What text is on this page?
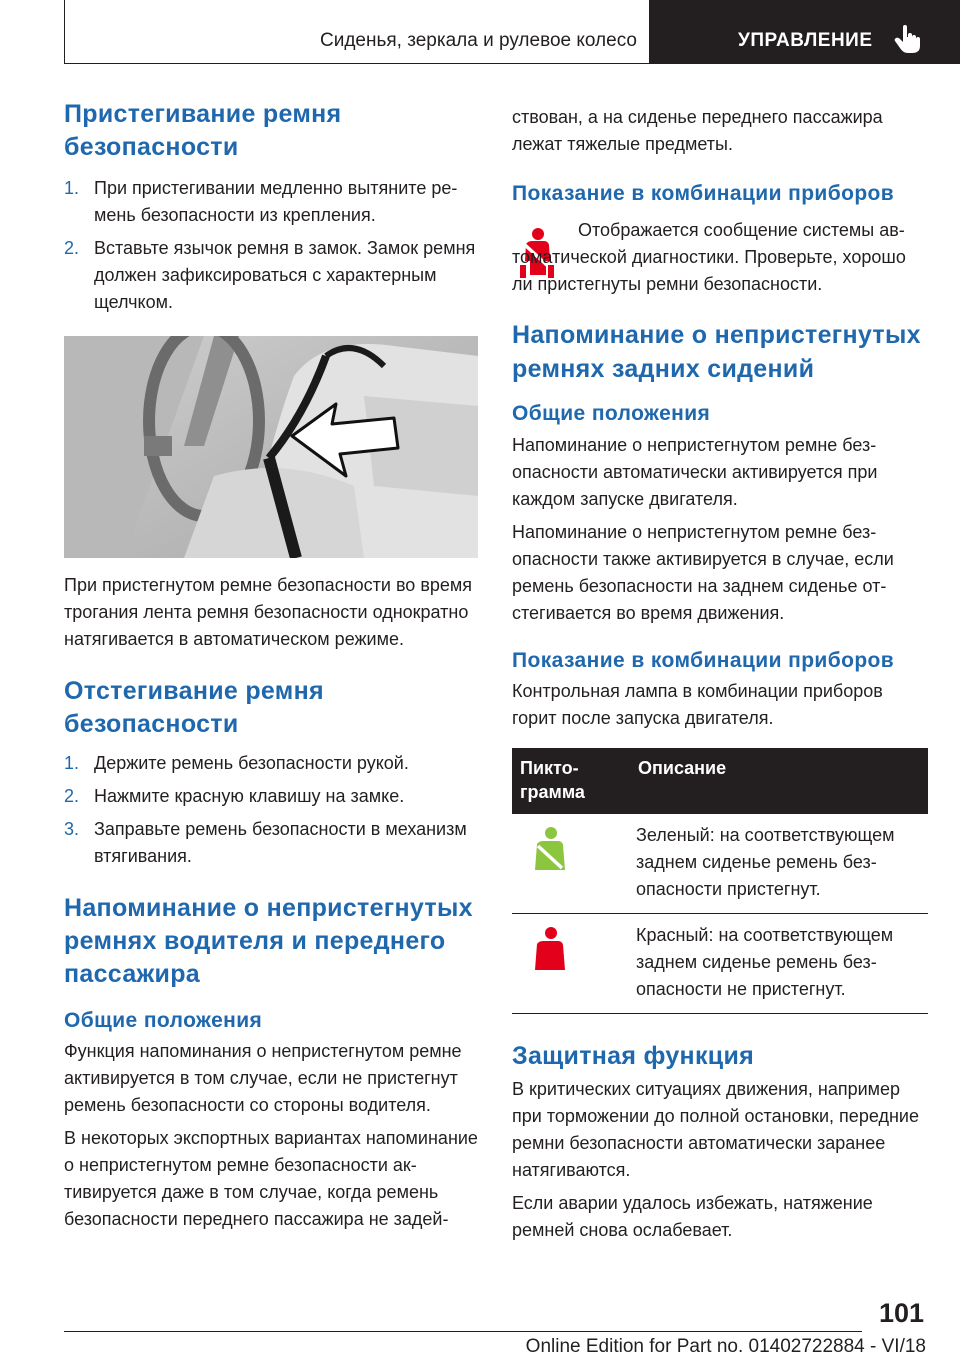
Сиденья, зеркала и рулевое колесо	УПРАВЛЕНИЕ
Пристегивание ремня безопасности
1. При пристегивании медленно вытяните ремень безопасности из крепления.
2. Вставьте язычок ремня в замок. Замок ремня должен зафиксироваться с характерным щелчком.

При пристегнутом ремне безопасности во время трогания лента ремня безопасности однократно натягивается в автоматическом режиме.

Отстегивание ремня безопасности
1. Держите ремень безопасности рукой.
2. Нажмите красную клавишу на замке.
3. Заправьте ремень безопасности в механизм втягивания.
Напоминание о непристегнутых ремнях водителя и переднего пассажира
Общие положения

Функция напоминания о непристегнутом ремне активируется в том случае, если не пристегнут ремень безопасности со стороны водителя.

В некоторых экспортных вариантах напоминание о непристегнутом ремне безопасности активируется даже в том случае, когда ремень безопасности переднего пассажира не задей-

ствован, а на сиденье переднего пассажира лежат тяжелые предметы.

Показание в комбинации приборов

Отображается сообщение системы автоматической диагностики. Проверьте, хорошо ли пристегнуты ремни безопасности.

Напоминание о непристегнутых ремнях задних сидений
Общие положения

Напоминание о непристегнутом ремне безопасности автоматически активируется при каждом запуске двигателя.

Напоминание о непристегнутом ремне безопасности также активируется в случае, если ремень безопасности на заднем сиденье отстегивается во время движения.

Показание в комбинации приборов

Контрольная лампа в комбинации приборов горит после запуска двигателя.

Пиктограмма	Описание
	Зеленый: на соответствующем заднем сиденье ремень безопасности пристегнут.
	Красный: на соответствующем заднем сиденье ремень безопасности не пристегнут.
Защитная функция

В критических ситуациях движения, например при торможении до полной остановки, передние ремни безопасности автоматически заранее натягиваются.

Если аварии удалось избежать, натяжение ремней снова ослабевает.

101
Online Edition for Part no. 01402722884 - VI/18
